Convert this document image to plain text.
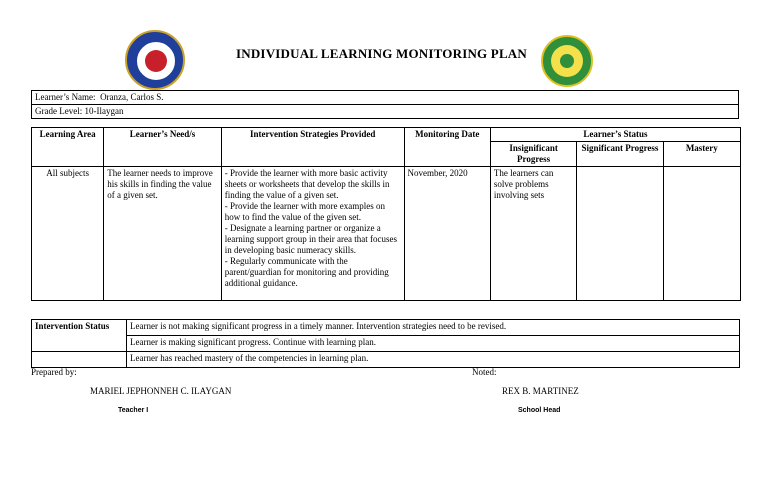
INDIVIDUAL LEARNING MONITORING PLAN
Learner’s Name: Oranza, Carlos S.
Grade Level: 10-Ilaygan
Learning Area	Learner’s Need/s	Intervention Strategies Provided	Monitoring Date	Learner’s Status		
				Insignificant Progress	Significant Progress	Mastery
All subjects	The learner needs to improve his skills in finding the value of a given set.	- Provide the learner with more basic activity sheets or worksheets that develop the skills in finding the value of a given set.
- Provide the learner with more examples on how to find the value of the given set.
- Designate a learning partner or organize a learning support group in their area that focuses in developing basic numeracy skills.
- Regularly communicate with the parent/guardian for monitoring and providing additional guidance.	November, 2020	The learners can solve problems involving sets		
Intervention Status	Learner is not making significant progress in a timely manner. Intervention strategies need to be revised.
	Learner is making significant progress. Continue with learning plan.
	Learner has reached mastery of the competencies in learning plan.
Prepared by:	Noted:
MARIEL JEPHONNEH C. ILAYGAN	REX B. MARTINEZ
Teacher I	School Head
